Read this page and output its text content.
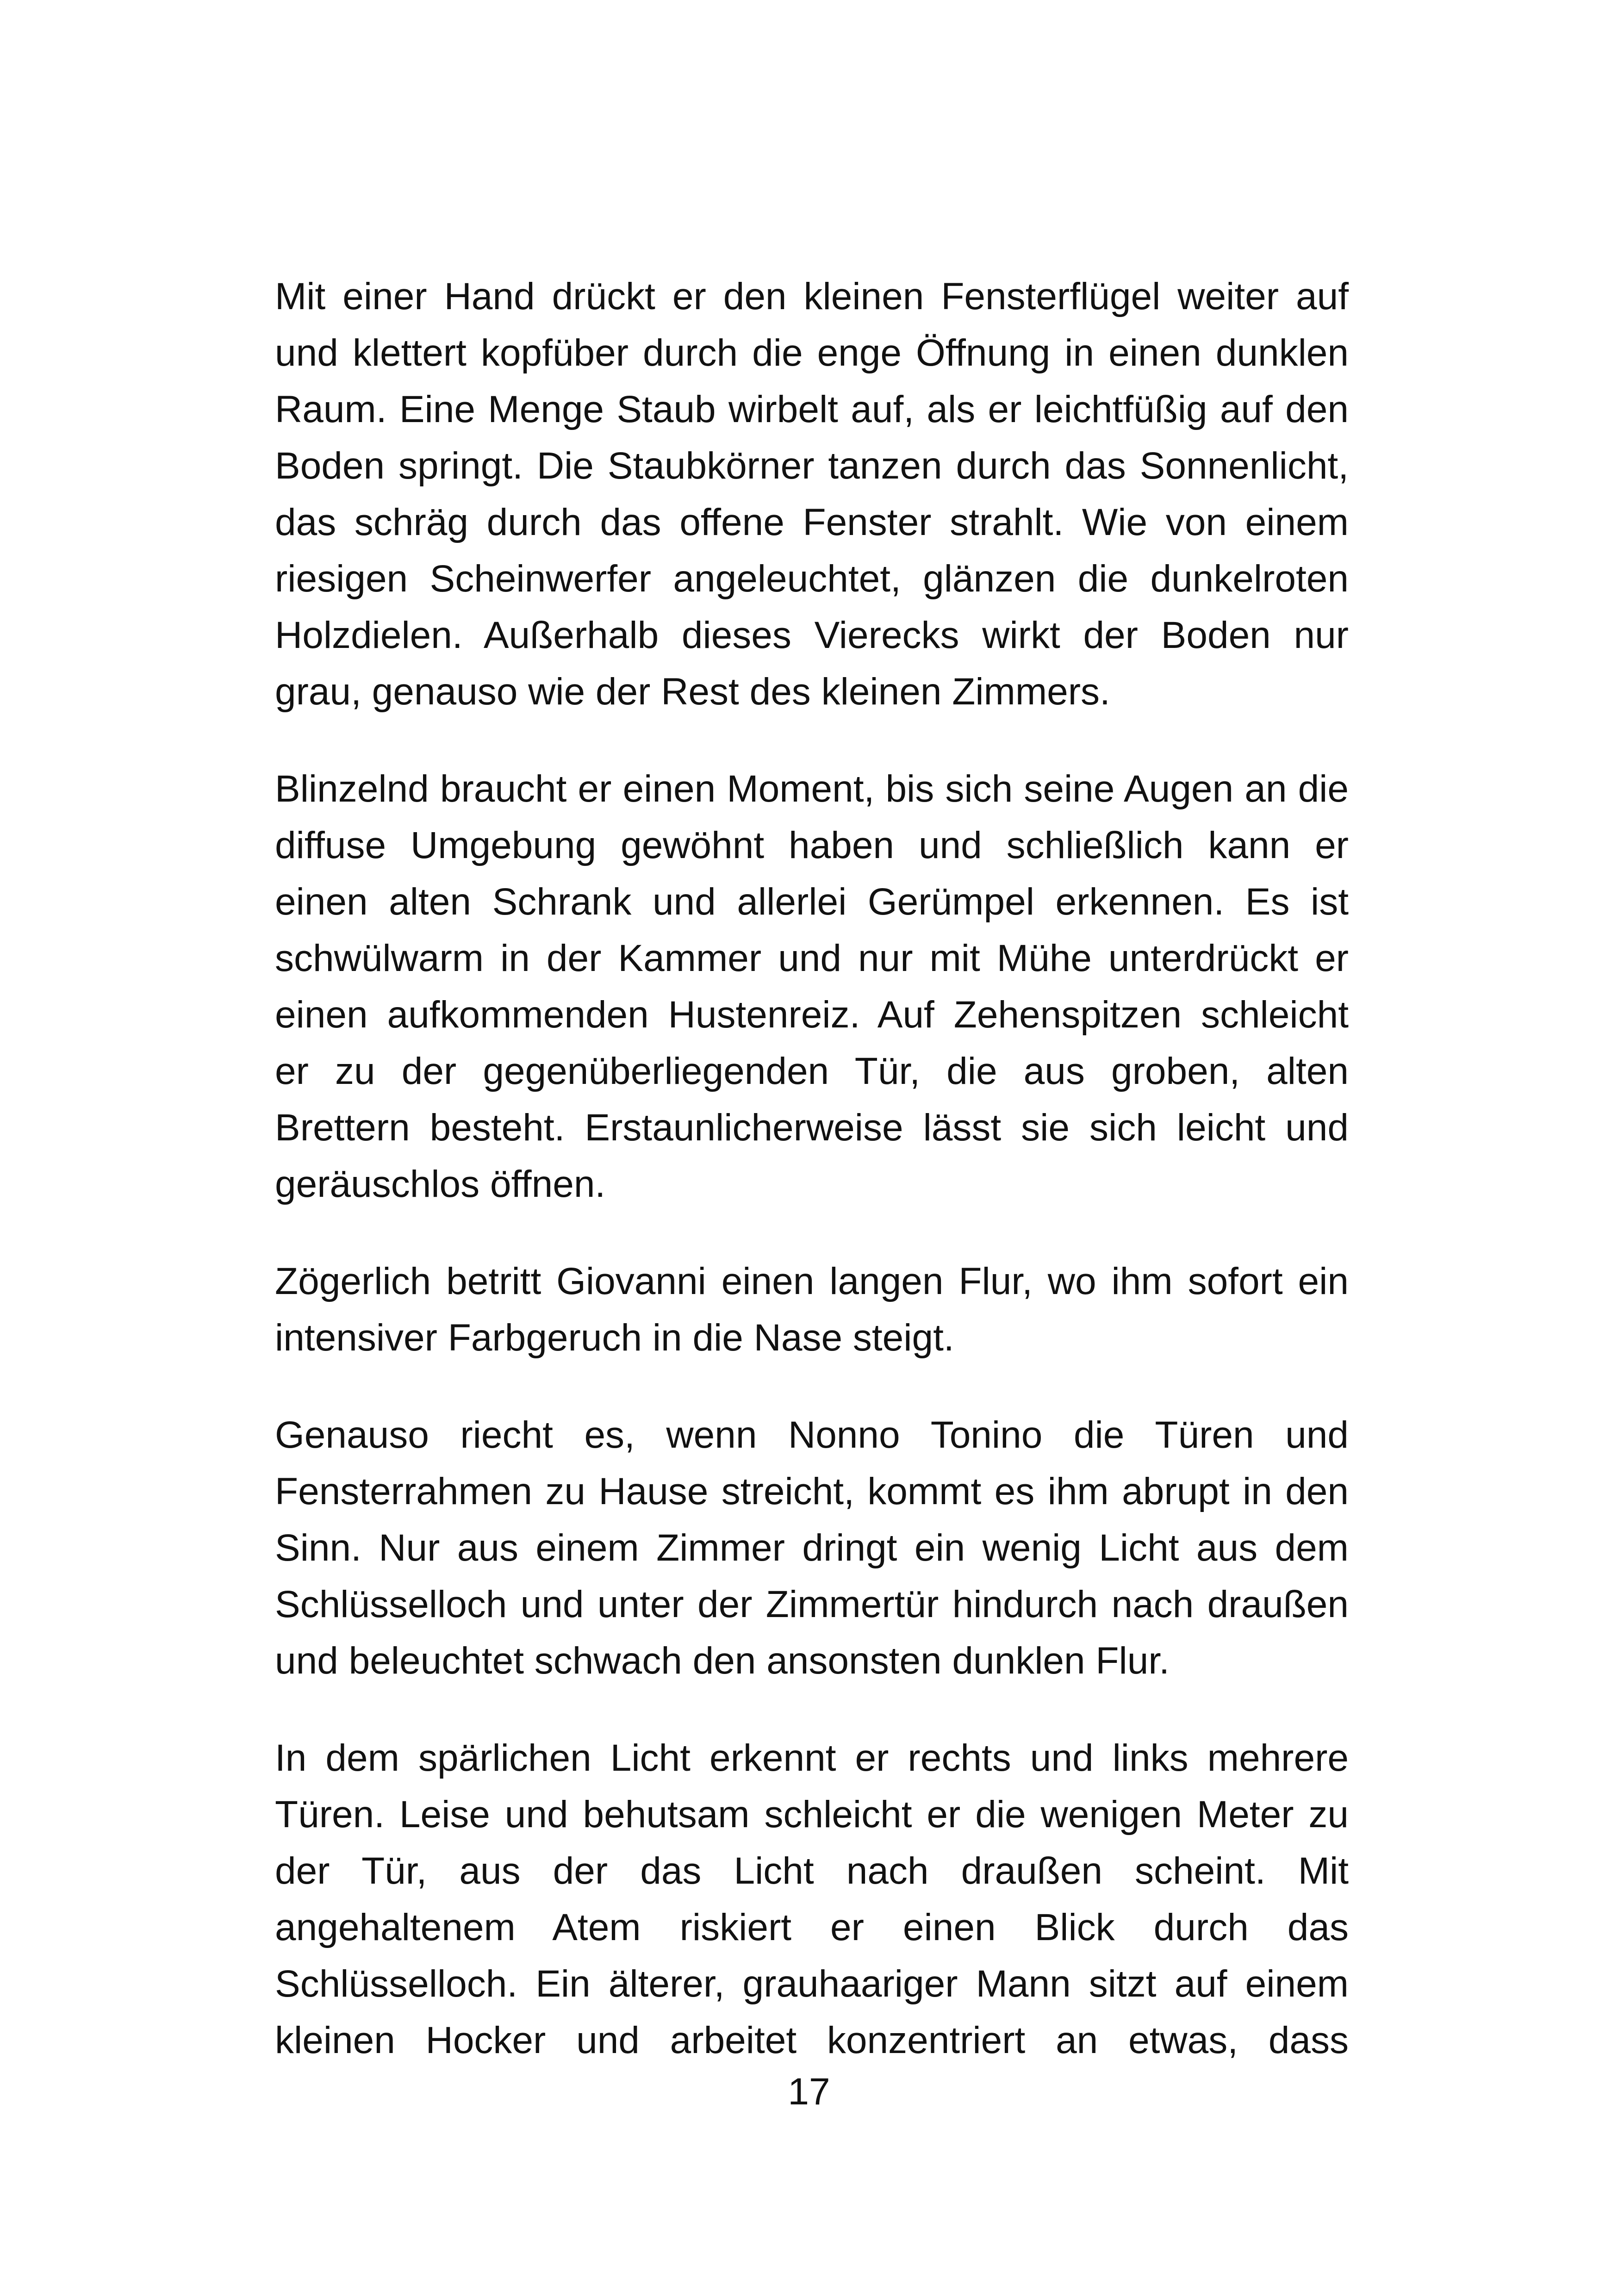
Mit einer Hand drückt er den kleinen Fensterflügel weiter auf und klettert kopfüber durch die enge Öffnung in einen dunklen Raum. Eine Menge Staub wirbelt auf, als er leichtfüßig auf den Boden springt. Die Staubkörner tanzen durch das Sonnenlicht, das schräg durch das offene Fenster strahlt. Wie von einem riesigen Scheinwerfer angeleuchtet, glänzen die dunkelroten Holzdielen. Außerhalb dieses Vierecks wirkt der Boden nur grau, genauso wie der Rest des kleinen Zimmers.

Blinzelnd braucht er einen Moment, bis sich seine Augen an die diffuse Umgebung gewöhnt haben und schließlich kann er einen alten Schrank und allerlei Gerümpel erkennen. Es ist schwülwarm in der Kammer und nur mit Mühe unterdrückt er einen aufkommenden Hustenreiz. Auf Zehenspitzen schleicht er zu der gegenüberliegenden Tür, die aus groben, alten Brettern besteht. Erstaunlicherweise lässt sie sich leicht und geräuschlos öffnen.

Zögerlich betritt Giovanni einen langen Flur, wo ihm sofort ein intensiver Farbgeruch in die Nase steigt.

Genauso riecht es, wenn Nonno Tonino die Türen und Fensterrahmen zu Hause streicht, kommt es ihm abrupt in den Sinn. Nur aus einem Zimmer dringt ein wenig Licht aus dem Schlüsselloch und unter der Zimmertür hindurch nach draußen und beleuchtet schwach den ansonsten dunklen Flur.

In dem spärlichen Licht erkennt er rechts und links mehrere Türen. Leise und behutsam schleicht er die wenigen Meter zu der Tür, aus der das Licht nach draußen scheint. Mit angehaltenem Atem riskiert er einen Blick durch das Schlüsselloch. Ein älterer, grauhaariger Mann sitzt auf einem kleinen Hocker und arbeitet konzentriert an etwas, dass

17
